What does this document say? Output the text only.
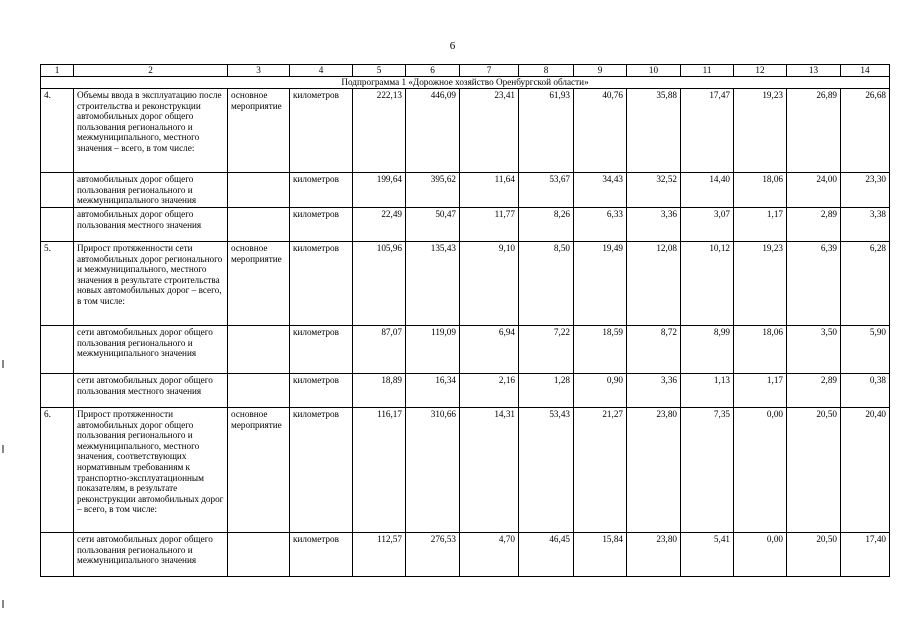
6
1	2	3	4	5	6	7	8	9	10	11	12	13	14
Подпрограмма 1 «Дорожное хозяйство Оренбургской области»													
4.	Объемы ввода в эксплуатацию после строительства и реконструкции автомобильных дорог общего пользования регионального и межмуниципального, местного значения – всего, в том числе:	основное мероприятие	километров	222,13	446,09	23,41	61,93	40,76	35,88	17,47	19,23	26,89	26,68
	автомобильных дорог общего пользования регионального и межмуниципального значения		километров	199,64	395,62	11,64	53,67	34,43	32,52	14,40	18,06	24,00	23,30
	автомобильных дорог общего пользования местного значения		километров	22,49	50,47	11,77	8,26	6,33	3,36	3,07	1,17	2,89	3,38
5.	Прирост протяженности сети автомобильных дорог регионального и межмуниципального, местного значения в результате строительства новых автомобильных дорог – всего, в том числе:	основное мероприятие	километров	105,96	135,43	9,10	8,50	19,49	12,08	10,12	19,23	6,39	6,28
	сети автомобильных дорог общего пользования регионального и межмуниципального значения		километров	87,07	119,09	6,94	7,22	18,59	8,72	8,99	18,06	3,50	5,90
	сети автомобильных дорог общего пользования местного значения		километров	18,89	16,34	2,16	1,28	0,90	3,36	1,13	1,17	2,89	0,38
6.	Прирост протяженности автомобильных дорог общего пользования регионального и межмуниципального, местного значения, соответствующих нормативным требованиям к транспортно-эксплуатационным показателям, в результате реконструкции автомобильных дорог – всего, в том числе:	основное мероприятие	километров	116,17	310,66	14,31	53,43	21,27	23,80	7,35	0,00	20,50	20,40
	сети автомобильных дорог общего пользования регионального и межмуниципального значения		километров	112,57	276,53	4,70	46,45	15,84	23,80	5,41	0,00	20,50	17,40
